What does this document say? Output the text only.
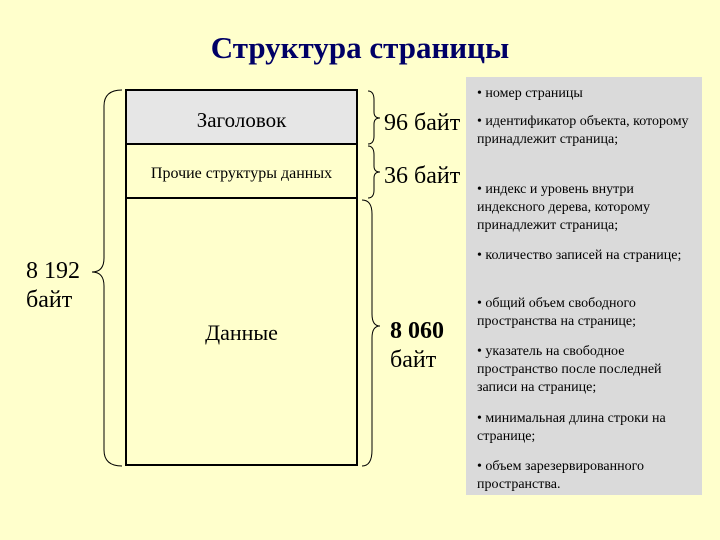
Структура страницы
Заголовок
Прочие структуры данных
Данные
96 байт
36 байт
8 060
байт
8 192
байт
• номер страницы
• идентификатор объекта, которому принадлежит страница;
• индекс и уровень внутри индексного дерева, которому принадлежит страница;
• количество записей на странице;
• общий объем свободного пространства на странице;
• указатель на свободное пространство после последней записи на странице;
• минимальная длина строки на странице;
• объем зарезервированного пространства.
